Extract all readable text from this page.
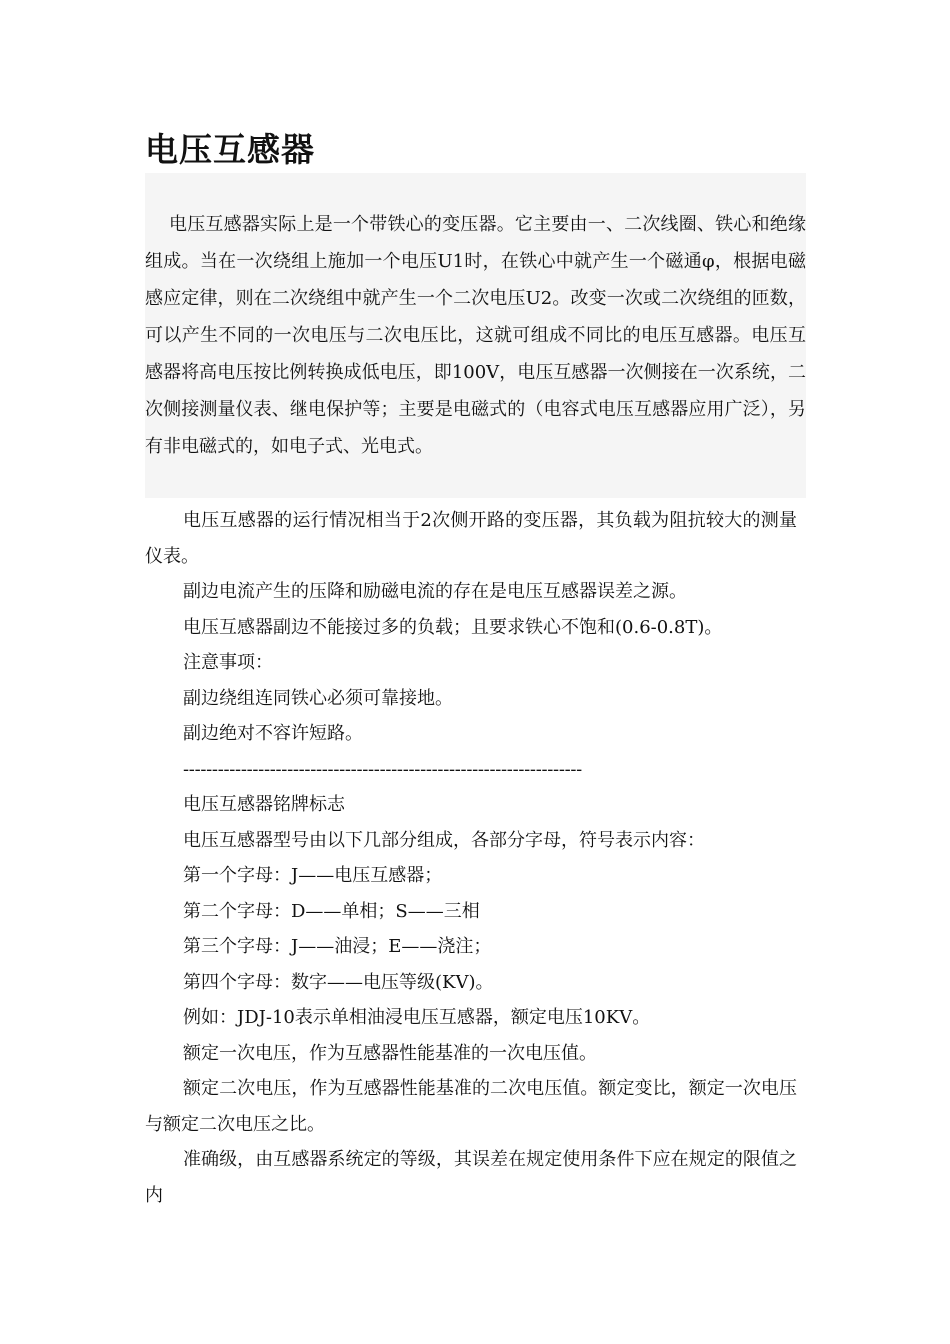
电压互感器

电压互感器实际上是一个带铁心的变压器。它主要由一、二次线圈、铁心和绝缘组成。当在一次绕组上施加一个电压U1时，在铁心中就产生一个磁通φ，根据电磁感应定律，则在二次绕组中就产生一个二次电压U2。改变一次或二次绕组的匝数，可以产生不同的一次电压与二次电压比，这就可组成不同比的电压互感器。电压互感器将高电压按比例转换成低电压，即100V，电压互感器一次侧接在一次系统，二次侧接测量仪表、继电保护等；主要是电磁式的（电容式电压互感器应用广泛），另有非电磁式的，如电子式、光电式。

电压互感器的运行情况相当于2次侧开路的变压器，其负载为阻抗较大的测量仪表。

副边电流产生的压降和励磁电流的存在是电压互感器误差之源。

电压互感器副边不能接过多的负载；且要求铁心不饱和(0.6-0.8T)。

注意事项：

副边绕组连同铁心必须可靠接地。

副边绝对不容许短路。

---------------------------------------------------------------------

电压互感器铭牌标志

电压互感器型号由以下几部分组成，各部分字母，符号表示内容：

第一个字母：J——电压互感器；

第二个字母：D——单相；S——三相

第三个字母：J——油浸；E——浇注；

第四个字母：数字——电压等级(KV)。

例如：JDJ-10表示单相油浸电压互感器，额定电压10KV。

额定一次电压，作为互感器性能基准的一次电压值。

额定二次电压，作为互感器性能基准的二次电压值。额定变比，额定一次电压与额定二次电压之比。

准确级，由互感器系统定的等级，其误差在规定使用条件下应在规定的限值之内
